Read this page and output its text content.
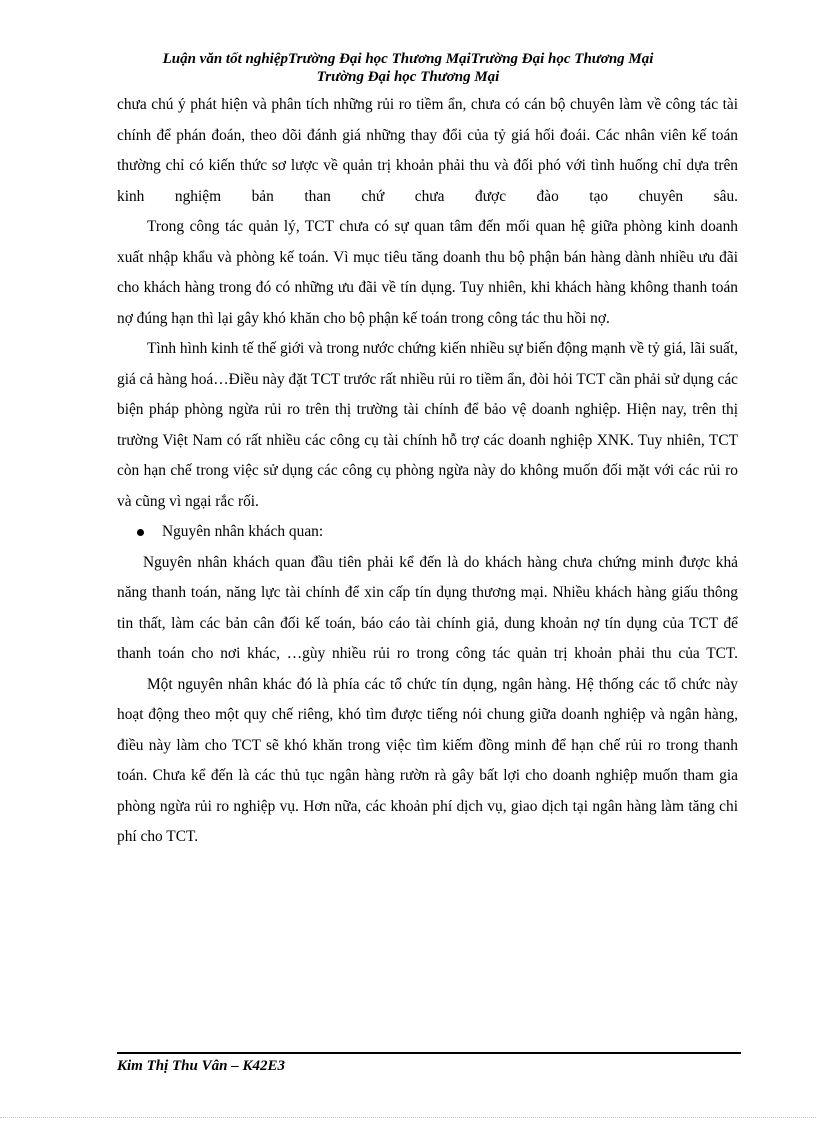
Luận văn tốt nghiệpTrường Đại học Thương MạiTrường Đại học Thương Mại
Trường Đại học Thương Mại

chưa chú ý phát hiện và phân tích những rủi ro tiềm ẩn, chưa có cán bộ chuyên làm về công tác tài chính để phán đoán, theo dõi đánh giá những thay đổi của tỷ giá hối đoái. Các nhân viên kế toán thường chỉ có kiến thức sơ lược về quản trị khoản phải thu và đối phó với tình huống chỉ dựa trên kinh nghiệm bản than chứ chưa được đào tạo chuyên sâu.

Trong công tác quản lý, TCT chưa có sự quan tâm đến mối quan hệ giữa phòng kinh doanh xuất nhập khẩu và phòng kế toán. Vì mục tiêu tăng doanh thu bộ phận bán hàng dành nhiều ưu đãi cho khách hàng trong đó có những ưu đãi về tín dụng. Tuy nhiên, khi khách hàng không thanh toán nợ đúng hạn thì lại gây khó khăn cho bộ phận kế toán trong công tác thu hồi nợ.

Tình hình kinh tế thế giới và trong nước chứng kiến nhiều sự biến động mạnh về tỷ giá, lãi suất, giá cả hàng hoá…Điều này đặt TCT trước rất nhiều rủi ro tiềm ẩn, đòi hỏi TCT cần phải sử dụng các biện pháp phòng ngừa rủi ro trên thị trường tài chính để bảo vệ doanh nghiệp. Hiện nay, trên thị trường Việt Nam có rất nhiều các công cụ tài chính hỗ trợ các doanh nghiệp XNK. Tuy nhiên, TCT còn hạn chế trong việc sử dụng các công cụ phòng ngừa này do không muốn đối mặt với các rủi ro và cũng vì ngại rắc rối.

Nguyên nhân khách quan:

Nguyên nhân khách quan đầu tiên phải kể đến là do khách hàng chưa chứng minh được khả năng thanh toán, năng lực tài chính để xin cấp tín dụng thương mại. Nhiều khách hàng giấu thông tin thất, làm các bản cân đối kế toán, báo cáo tài chính giả, dung khoản nợ tín dụng của TCT để thanh toán cho nơi khác, …gùy nhiều rủi ro trong công tác quản trị khoản phải thu của TCT.

Một nguyên nhân khác đó là phía các tổ chức tín dụng, ngân hàng. Hệ thống các tổ chức này hoạt động theo một quy chế riêng, khó tìm được tiếng nói chung giữa doanh nghiệp và ngân hàng, điều này làm cho TCT sẽ khó khăn trong việc tìm kiếm đồng minh để hạn chế rủi ro trong thanh toán. Chưa kể đến là các thủ tục ngân hàng rườn rà gây bất lợi cho doanh nghiệp muốn tham gia phòng ngừa rủi ro nghiệp vụ. Hơn nữa, các khoản phí dịch vụ, giao dịch tại ngân hàng làm tăng chi phí cho TCT.

Kim Thị Thu Vân – K42E3
